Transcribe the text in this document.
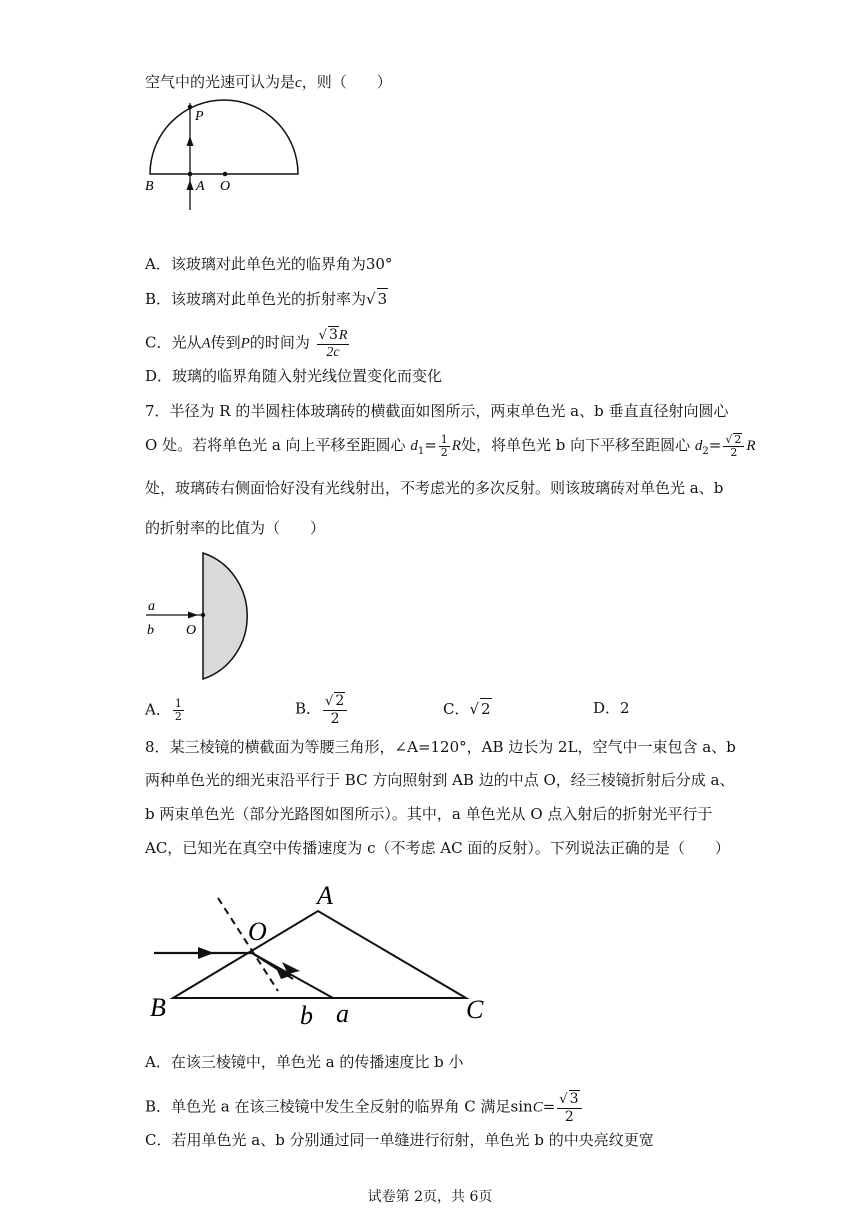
空气中的光速可认为是c，则（　　）
P
B	A O
A．该玻璃对此单色光的临界角为30°
B．该玻璃对此单色光的折射率为√ 3
C．光从A传到P的时间为 $\frac{√ 3R}{2c}$
D．玻璃的临界角随入射光线位置变化而变化
7．半径为 R 的半圆柱体玻璃砖的横截面如图所示，两束单色光 a、b 垂直直径射向圆心
O 处。若将单色光 a 向上平移至距圆心 $d_1= \frac{1}{2}$ R处，将单色光 b 向下平移至距圆心 $d_2= \frac{√ 2}{2}$ R
处，玻璃砖右侧面恰好没有光线射出，不考虑光的多次反射。则该玻璃砖对单色光 a、b
的折射率的比值为（　　）
a
b O
A． $\frac{1}{2}$	B． $\frac{√ 2}{2}$	C．√ 2	D．2
8．某三棱镜的横截面为等腰三角形，∠A=120°，AB 边长为 2L，空气中一束包含 a、b
两种单色光的细光束沿平行于 BC 方向照射到 AB 边的中点 O，经三棱镜折射后分成 a、
b 两束单色光（部分光路图如图所示）。其中，a 单色光从 O 点入射后的折射光平行于
AC，已知光在真空中传播速度为 c（不考虑 AC 面的反射）。下列说法正确的是（　　）
A
O
B	C
b a
A．在该三棱镜中，单色光 a 的传播速度比 b 小
B．单色光 a 在该三棱镜中发生全反射的临界角 C 满足$\sin C= \frac{√ 3}{2}$
C．若用单色光 a、b 分别通过同一单缝进行衍射，单色光 b 的中央亮纹更宽
试卷第 2页，共 6页
